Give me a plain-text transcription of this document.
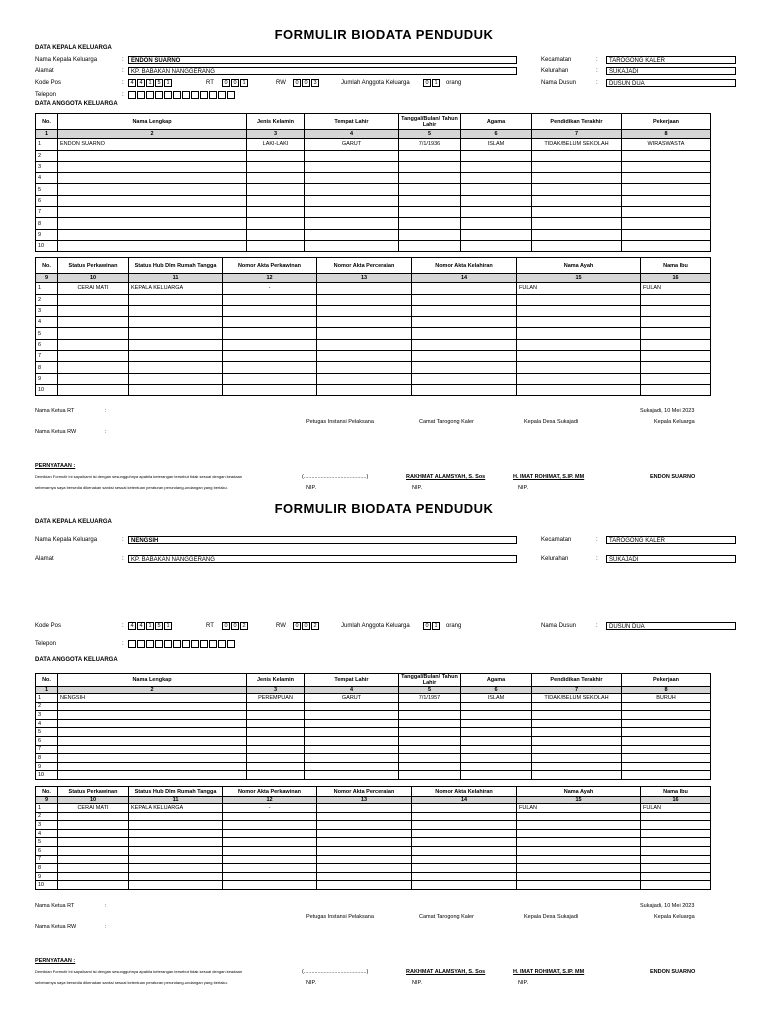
FORMULIR BIODATA PENDUDUK
DATA KEPALA KELUARGA
Nama Kepala Keluarga	:	ENDON SUARNO
Alamat	:	KP. BABAKAN NANGGERANG
Kode Pos	:	4	4	1	5	1	RT	0	0	1	RW	0	0	3	Jumlah Anggota Keluarga	0	1	orang
Telepon	:
Kecamatan	:	TAROGONG KALER
Kelurahan	:	SUKAJADI
Nama Dusun	:	DUSUN DUA
DATA ANGGOTA KELUARGA
No.	Nama Lengkap	Jenis Kelamin	Tempat Lahir	Tanggal/Bulan/ Tahun Lahir	Agama	Pendidikan Terakhir	Pekerjaan
1	2	3	4	5	6	7	8
1	ENDON SUARNO	LAKI-LAKI	GARUT	7/1/1936	ISLAM	TIDAK/BELUM SEKOLAH	WIRASWASTA
2							
3							
4							
5							
6							
7							
8							
9							
10							
No.	Status Perkawinan	Status Hub Dlm Rumah Tangga	Nomor Akta Perkawinan	Nomor Akta Perceraian	Nomor Akta Kelahiran	Nama Ayah	Nama Ibu
9	10	11	12	13	14	15	16
1	CERAI MATI	KEPALA KELUARGA	-			FULAN	FULAN
2							
3							
4							
5							
6							
7							
8							
9							
10							
Nama Ketua RT	:
Nama Ketua RW	:
Sukajadi, 10 Mei 2023
Petugas Instansi Pelaksana	Camat Tarogong Kaler	Kepala Desa Sukajadi	Kepala Keluarga
PERNYATAAN :
Demikian Formulir ini saya/kami isi dengan sesungguhnya apabila keterangan tersebut tidak sesuai dengan keadaan
sebenarnya saya bersedia dikenakan sanksi sesuai ketentuan peraturan perundang-undangan yang berlaku.
(.........................................)	RAKHMAT ALAMSYAH, S. Sos	H. IMAT ROHIMAT, S.IP. MM	ENDON SUARNO
NIP.	NIP.	NIP.
FORMULIR BIODATA PENDUDUK
DATA KEPALA KELUARGA
Nama Kepala Keluarga	:	NENGSIH
Alamat	:	KP. BABAKAN NANGGERANG
Kode Pos	:	4	4	1	5	1	RT	0	0	2	RW	0	0	2	Jumlah Anggota Keluarga	0	1	orang
Telepon	:
Kecamatan	:	TAROGONG KALER
Kelurahan	:	SUKAJADI
Nama Dusun	:	DUSUN DUA
DATA ANGGOTA KELUARGA
No.	Nama Lengkap	Jenis Kelamin	Tempat Lahir	Tanggal/Bulan/ Tahun Lahir	Agama	Pendidikan Terakhir	Pekerjaan
1	2	3	4	5	6	7	8
1	NENGSIH	PEREMPUAN	GARUT	7/1/1957	ISLAM	TIDAK/BELUM SEKOLAH	BURUH
2							
3							
4							
5							
6							
7							
8							
9							
10							
No.	Status Perkawinan	Status Hub Dlm Rumah Tangga	Nomor Akta Perkawinan	Nomor Akta Perceraian	Nomor Akta Kelahiran	Nama Ayah	Nama Ibu
9	10	11	12	13	14	15	16
1	CERAI MATI	KEPALA KELUARGA	-			FULAN	FULAN
2							
3							
4							
5							
6							
7							
8							
9							
10							
Nama Ketua RT	:
Nama Ketua RW	:
Sukajadi, 10 Mei 2023
Petugas Instansi Pelaksana	Camat Tarogong Kaler	Kepala Desa Sukajadi	Kepala Keluarga
PERNYATAAN :
Demikian Formulir ini saya/kami isi dengan sesungguhnya apabila keterangan tersebut tidak sesuai dengan keadaan
sebenarnya saya bersedia dikenakan sanksi sesuai ketentuan peraturan perundang-undangan yang berlaku.
(.........................................)	RAKHMAT ALAMSYAH, S. Sos	H. IMAT ROHIMAT, S.IP. MM	ENDON SUARNO
NIP.	NIP.	NIP.
